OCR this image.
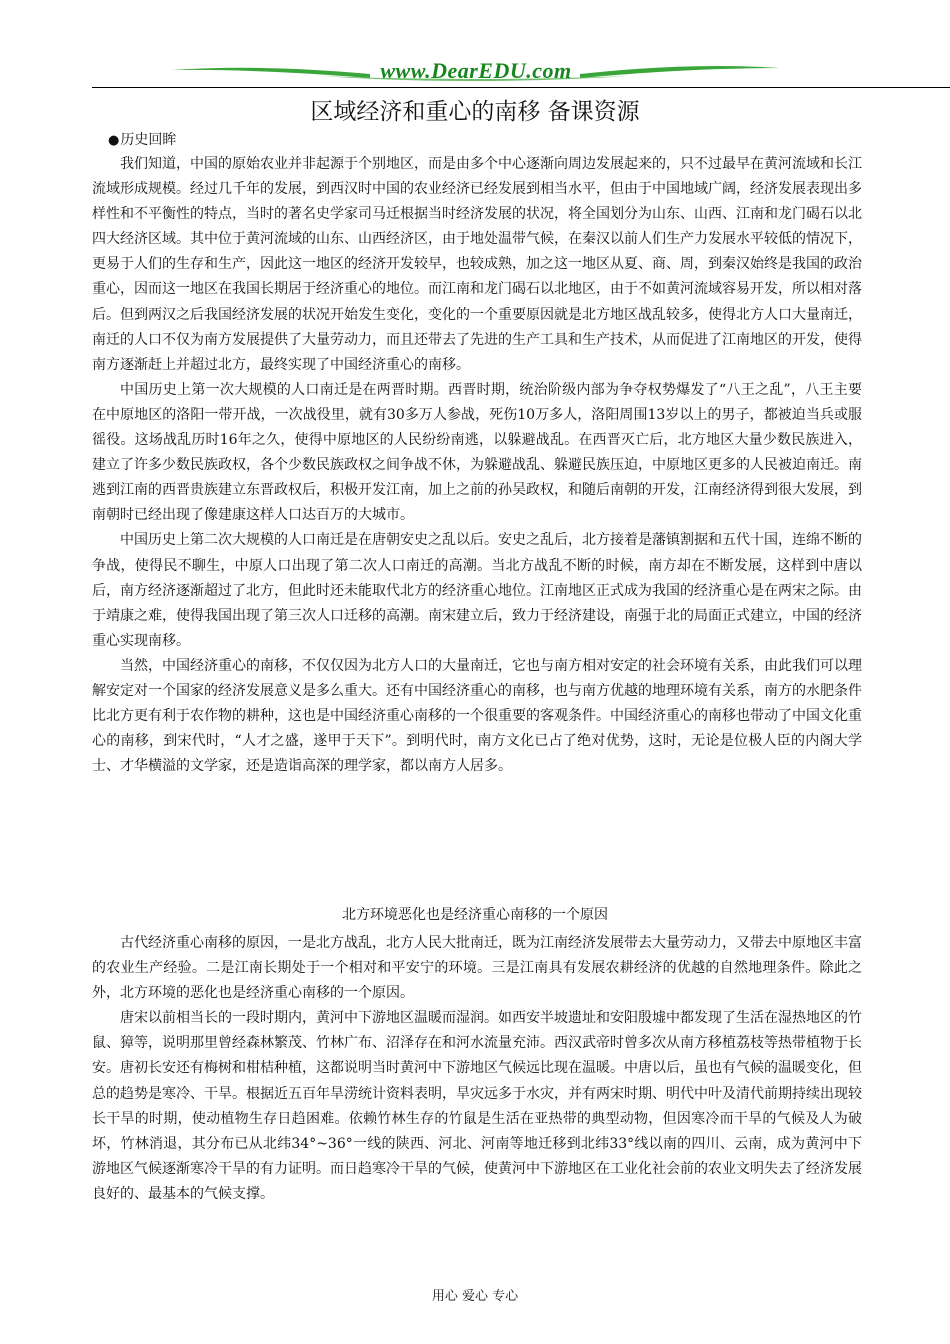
www.DearEDU.com
区域经济和重心的南移 备课资源
●历史回眸

我们知道，中国的原始农业并非起源于个别地区，而是由多个中心逐渐向周边发展起来的，只不过最早在黄河流域和长江流域形成规模。经过几千年的发展，到西汉时中国的农业经济已经发展到相当水平，但由于中国地域广阔，经济发展表现出多样性和不平衡性的特点，当时的著名史学家司马迁根据当时经济发展的状况，将全国划分为山东、山西、江南和龙门碣石以北四大经济区域。其中位于黄河流域的山东、山西经济区，由于地处温带气候，在秦汉以前人们生产力发展水平较低的情况下，更易于人们的生存和生产，因此这一地区的经济开发较早，也较成熟，加之这一地区从夏、商、周，到秦汉始终是我国的政治重心，因而这一地区在我国长期居于经济重心的地位。而江南和龙门碣石以北地区，由于不如黄河流域容易开发，所以相对落后。但到两汉之后我国经济发展的状况开始发生变化，变化的一个重要原因就是北方地区战乱较多，使得北方人口大量南迁，南迁的人口不仅为南方发展提供了大量劳动力，而且还带去了先进的生产工具和生产技术，从而促进了江南地区的开发，使得南方逐渐赶上并超过北方，最终实现了中国经济重心的南移。

中国历史上第一次大规模的人口南迁是在两晋时期。西晋时期，统治阶级内部为争夺权势爆发了“八王之乱”，八王主要在中原地区的洛阳一带开战，一次战役里，就有30多万人参战，死伤10万多人，洛阳周围13岁以上的男子，都被迫当兵或服徭役。这场战乱历时16年之久，使得中原地区的人民纷纷南逃，以躲避战乱。在西晋灭亡后，北方地区大量少数民族进入，建立了许多少数民族政权，各个少数民族政权之间争战不休，为躲避战乱、躲避民族压迫，中原地区更多的人民被迫南迁。南逃到江南的西晋贵族建立东晋政权后，积极开发江南，加上之前的孙吴政权，和随后南朝的开发，江南经济得到很大发展，到南朝时已经出现了像建康这样人口达百万的大城市。

中国历史上第二次大规模的人口南迁是在唐朝安史之乱以后。安史之乱后，北方接着是藩镇割据和五代十国，连绵不断的争战，使得民不聊生，中原人口出现了第二次人口南迁的高潮。当北方战乱不断的时候，南方却在不断发展，这样到中唐以后，南方经济逐渐超过了北方，但此时还未能取代北方的经济重心地位。江南地区正式成为我国的经济重心是在两宋之际。由于靖康之难，使得我国出现了第三次人口迁移的高潮。南宋建立后，致力于经济建设，南强于北的局面正式建立，中国的经济重心实现南移。

当然，中国经济重心的南移，不仅仅因为北方人口的大量南迁，它也与南方相对安定的社会环境有关系，由此我们可以理解安定对一个国家的经济发展意义是多么重大。还有中国经济重心的南移，也与南方优越的地理环境有关系，南方的水肥条件比北方更有利于农作物的耕种，这也是中国经济重心南移的一个很重要的客观条件。中国经济重心的南移也带动了中国文化重心的南移，到宋代时，“人才之盛，遂甲于天下”。到明代时，南方文化已占了绝对优势，这时，无论是位极人臣的内阁大学士、才华横溢的文学家，还是造诣高深的理学家，都以南方人居多。

北方环境恶化也是经济重心南移的一个原因

古代经济重心南移的原因，一是北方战乱，北方人民大批南迁，既为江南经济发展带去大量劳动力，又带去中原地区丰富的农业生产经验。二是江南长期处于一个相对和平安宁的环境。三是江南具有发展农耕经济的优越的自然地理条件。除此之外，北方环境的恶化也是经济重心南移的一个原因。

唐宋以前相当长的一段时期内，黄河中下游地区温暖而湿润。如西安半坡遗址和安阳殷墟中都发现了生活在湿热地区的竹鼠、獐等，说明那里曾经森林繁茂、竹林广布、沼泽存在和河水流量充沛。西汉武帝时曾多次从南方移植荔枝等热带植物于长安。唐初长安还有梅树和柑桔种植，这都说明当时黄河中下游地区气候远比现在温暖。中唐以后，虽也有气候的温暖变化，但总的趋势是寒冷、干旱。根据近五百年旱涝统计资料表明，旱灾远多于水灾，并有两宋时期、明代中叶及清代前期持续出现较长干旱的时期，使动植物生存日趋困难。依赖竹林生存的竹鼠是生活在亚热带的典型动物，但因寒冷而干旱的气候及人为破坏，竹林消退，其分布已从北纬34°~36°一线的陕西、河北、河南等地迁移到北纬33°线以南的四川、云南，成为黄河中下游地区气候逐渐寒冷干旱的有力证明。而日趋寒冷干旱的气候，使黄河中下游地区在工业化社会前的农业文明失去了经济发展良好的、最基本的气候支撑。

用心 爱心 专心
